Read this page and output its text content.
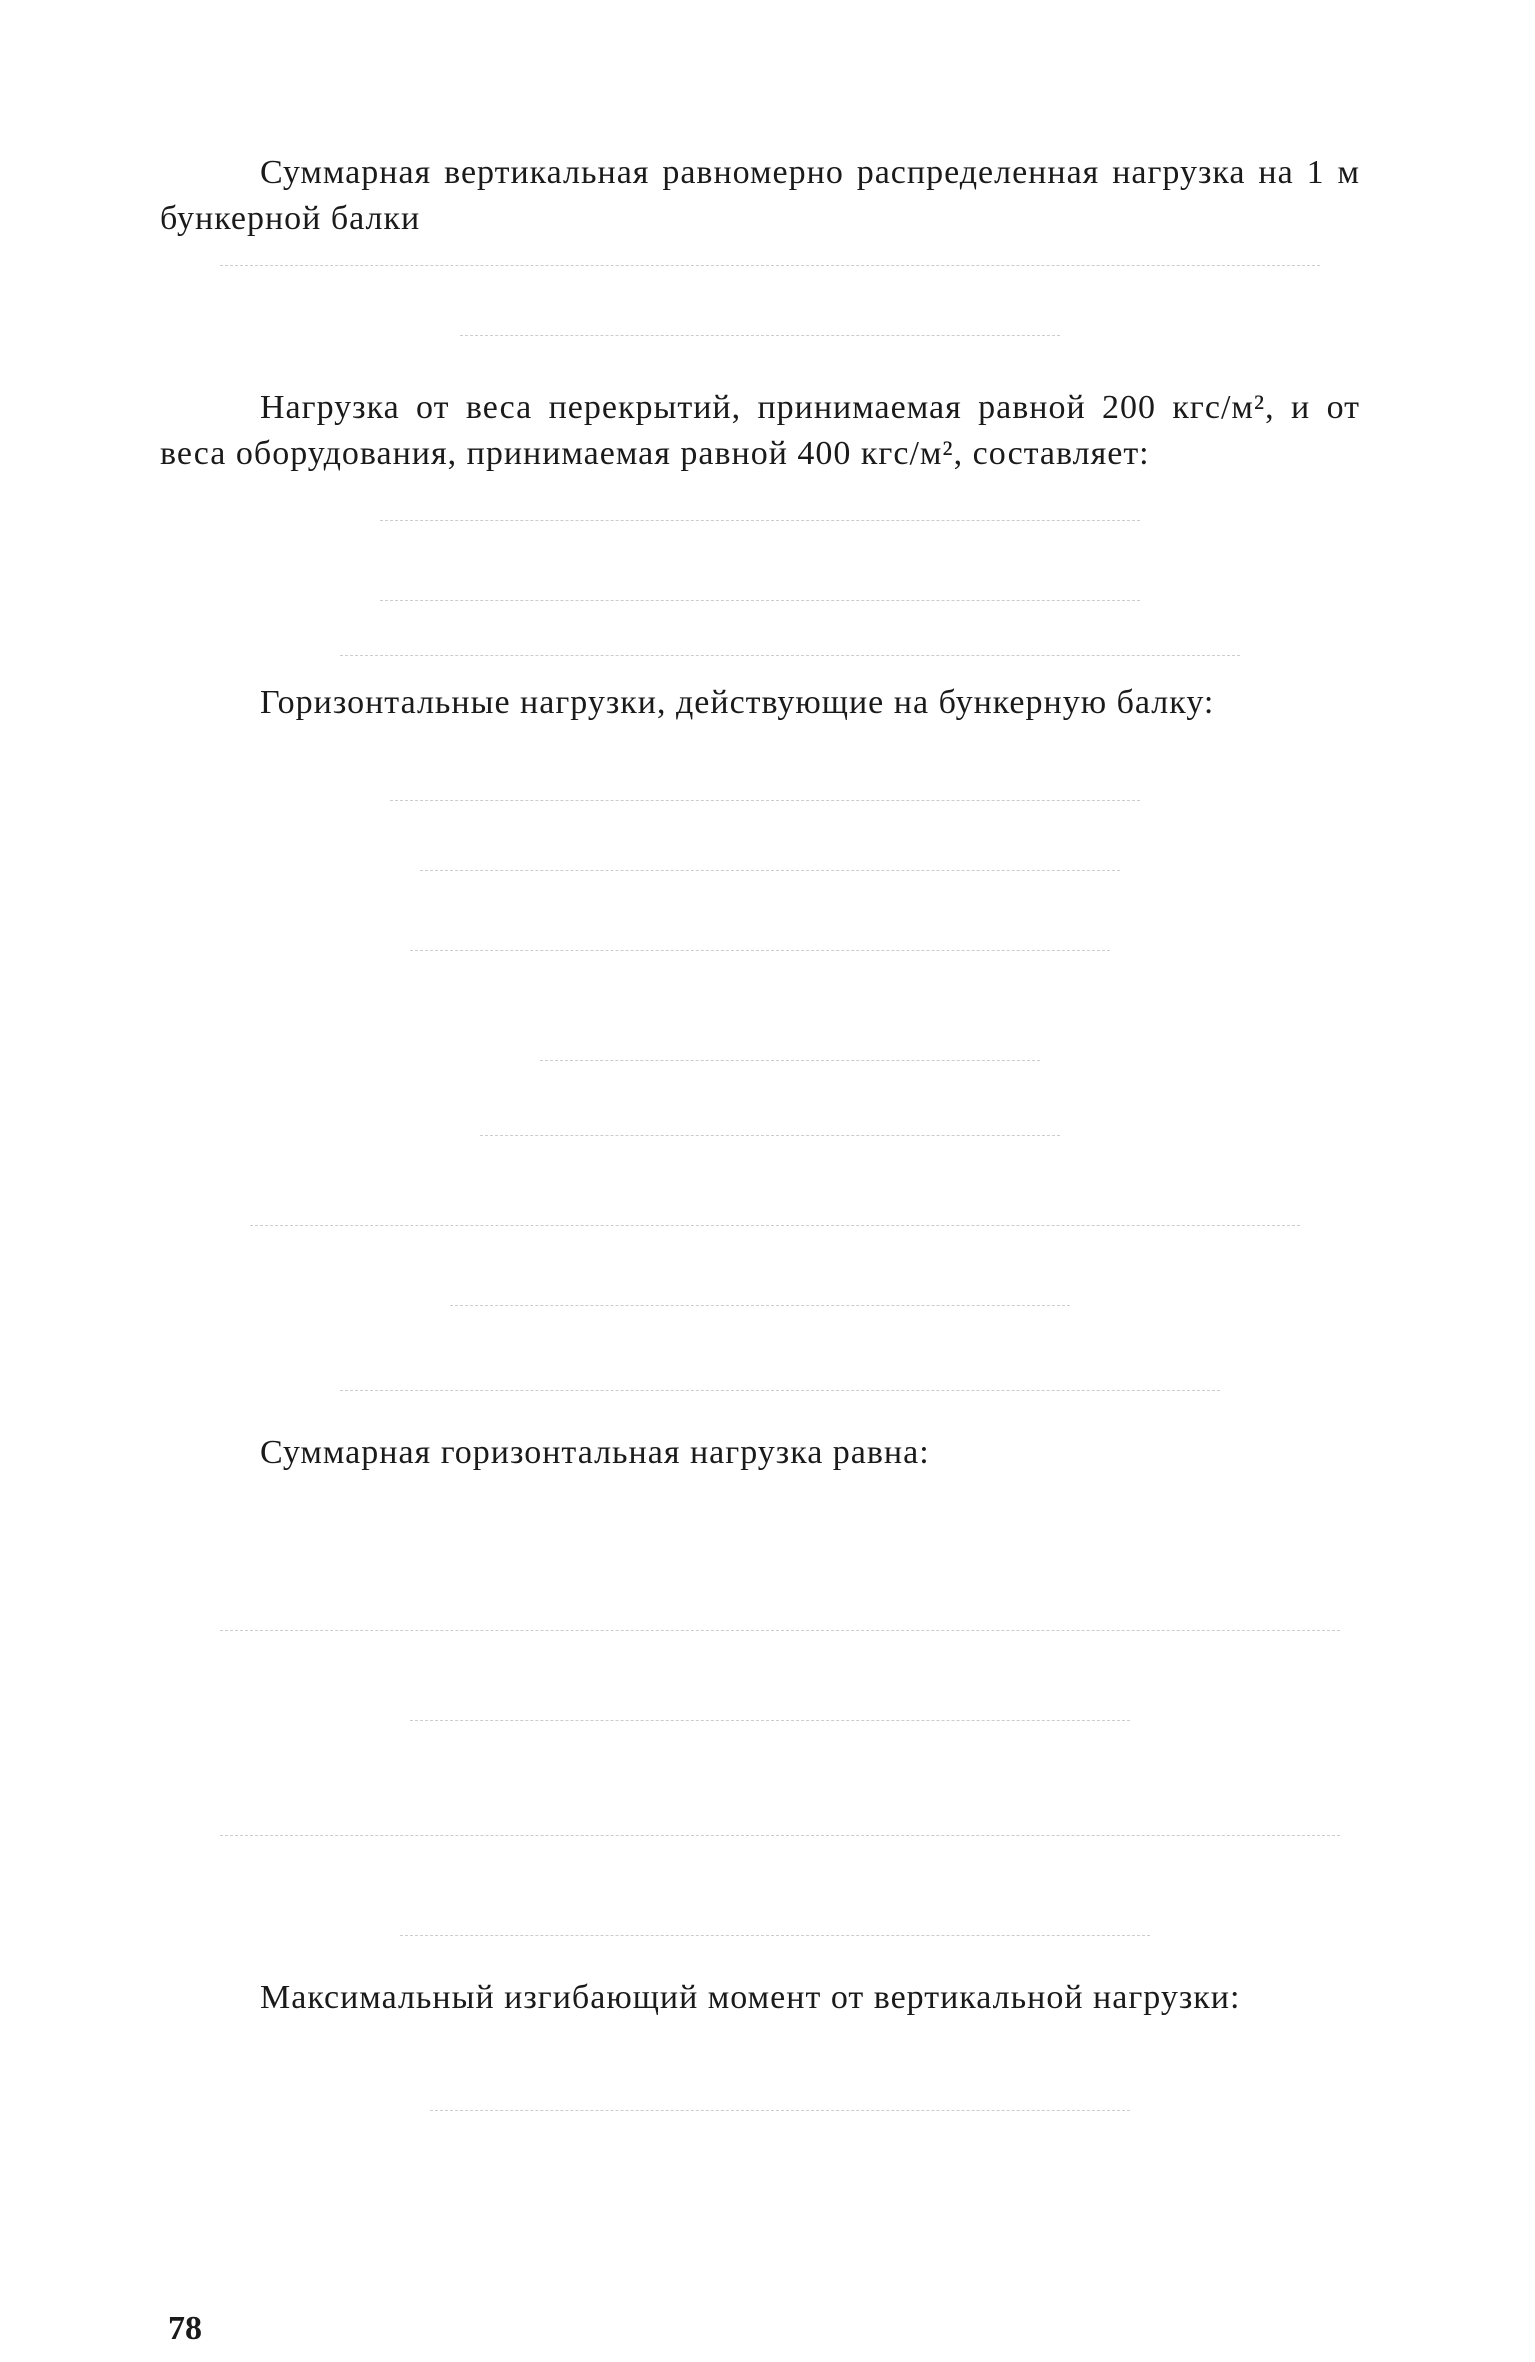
Суммарная вертикальная равномерно распределенная нагрузка на 1 м бункерной балки
Нагрузка от веса перекрытий, принимаемая равной 200 кгс/м², и от веса оборудования, принимаемая равной 400 кгс/м², составляет:
Горизонтальные нагрузки, действующие на бункерную балку:
Суммарная горизонтальная нагрузка равна:
Максимальный изгибающий момент от вертикальной нагрузки:
78
